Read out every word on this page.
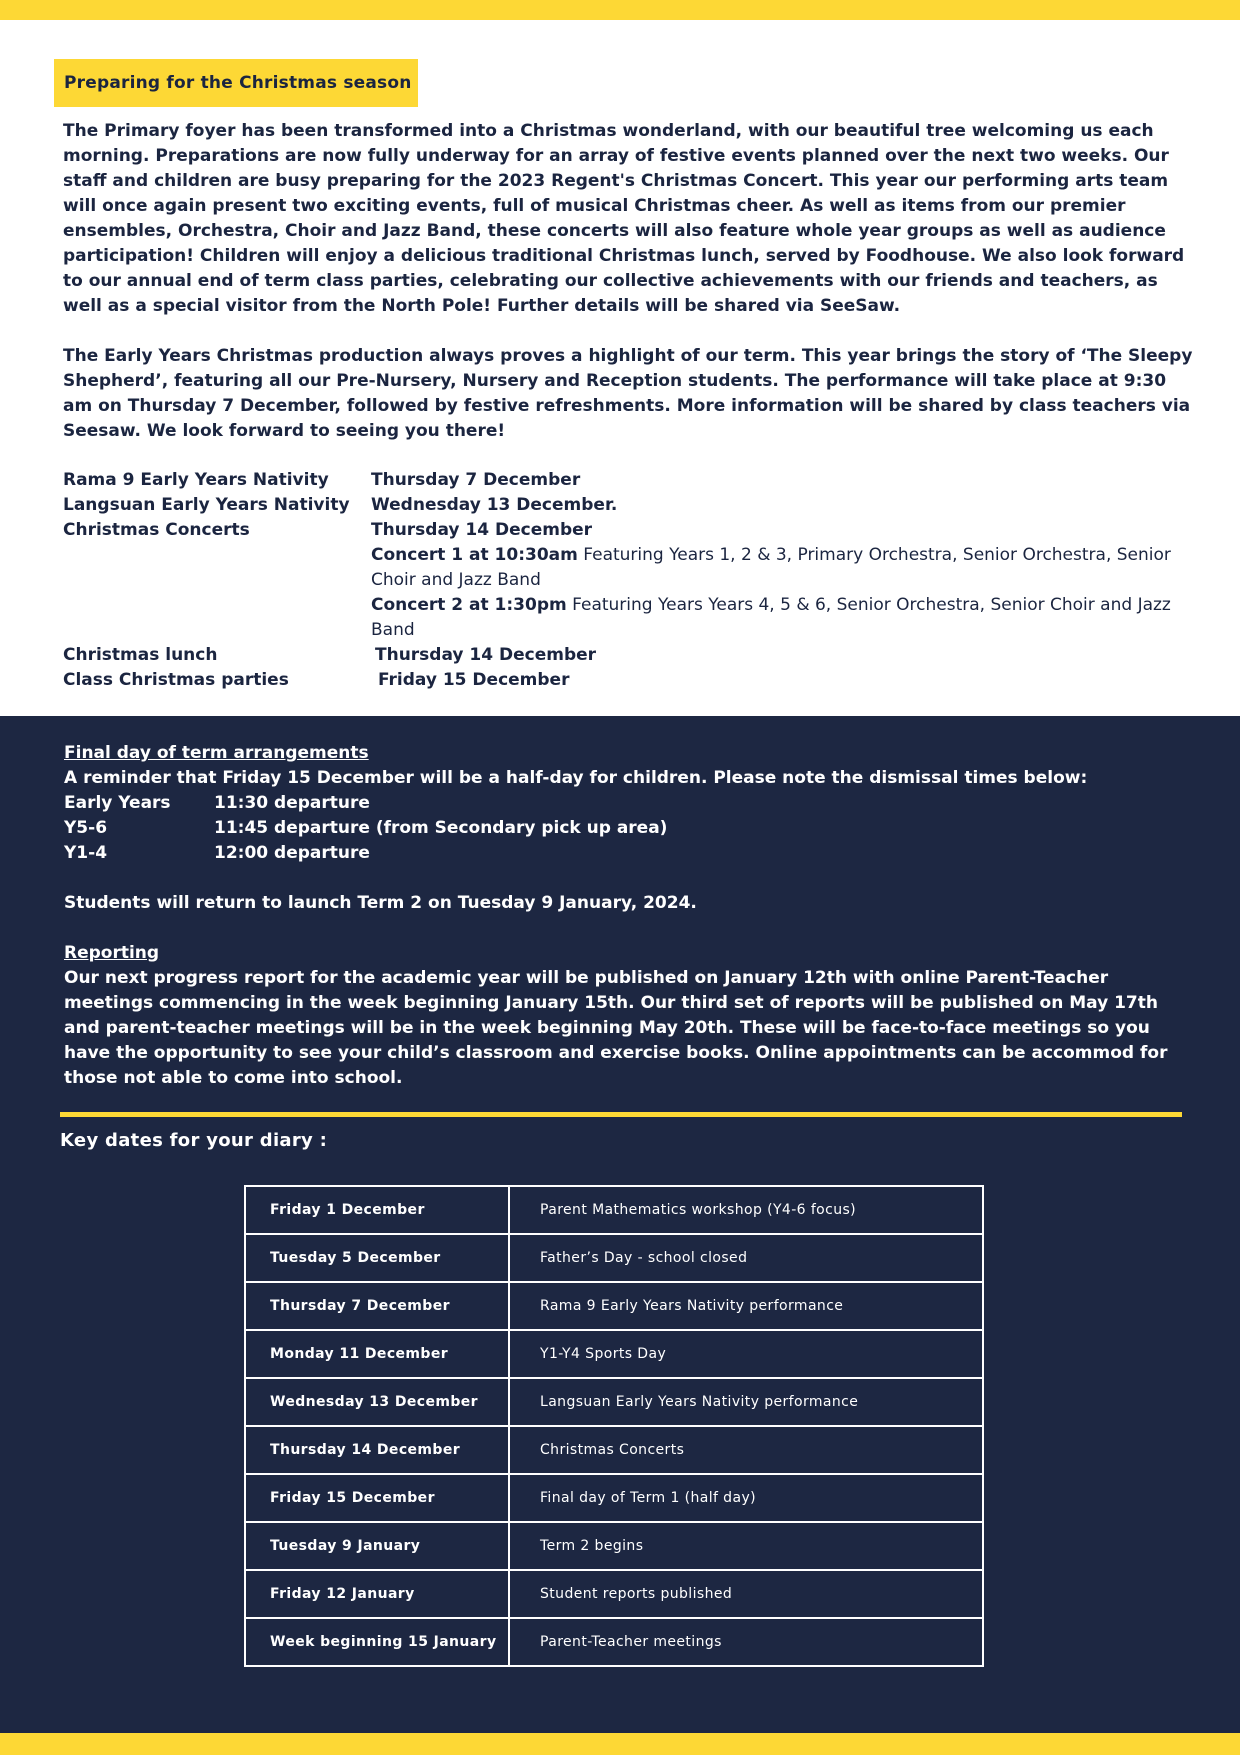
Preparing for the Christmas season

The Primary foyer has been transformed into a Christmas wonderland, with our beautiful tree welcoming us each morning. Preparations are now fully underway for an array of festive events planned over the next two weeks. Our staff and children are busy preparing for the 2023 Regent's Christmas Concert. This year our performing arts team will once again present two exciting events, full of musical Christmas cheer. As well as items from our premier ensembles, Orchestra, Choir and Jazz Band, these concerts will also feature whole year groups as well as audience participation! Children will enjoy a delicious traditional Christmas lunch, served by Foodhouse. We also look forward to our annual end of term class parties, celebrating our collective achievements with our friends and teachers, as well as a special visitor from the North Pole! Further details will be shared via SeeSaw.

The Early Years Christmas production always proves a highlight of our term. This year brings the story of ‘The Sleepy Shepherd’, featuring all our Pre-Nursery, Nursery and Reception students. The performance will take place at 9:30 am on Thursday 7 December, followed by festive refreshments. More information will be shared by class teachers via Seesaw. We look forward to seeing you there!

Rama 9 Early Years Nativity Thursday 7 December
Langsuan Early Years Nativity Wednesday 13 December.
Christmas Concerts	Thursday 14 December
Concert 1 at 10:30am Featuring Years 1, 2 & 3, Primary Orchestra, Senior Orchestra, Senior Choir and Jazz Band
Concert 2 at 1:30pm Featuring Years Years 4, 5 & 6, Senior Orchestra, Senior Choir and Jazz Band
Christmas lunch	Thursday 14 December
Class Christmas parties	Friday 15 December

Final day of term arrangements

A reminder that Friday 15 December will be a half-day for children. Please note the dismissal times below:

Early Years	11:30 departure
Y5-6	11:45 departure (from Secondary pick up area)
Y1-4	12:00 departure

Students will return to launch Term 2 on Tuesday 9 January, 2024.

Reporting

Our next progress report for the academic year will be published on January 12th with online Parent-Teacher meetings commencing in the week beginning January 15th. Our third set of reports will be published on May 17th and parent-teacher meetings will be in the week beginning May 20th. These will be face-to-face meetings so you have the opportunity to see your child’s classroom and exercise books. Online appointments can be accommod for those not able to come into school.

Key dates for your diary :
Friday 1 December	Parent Mathematics workshop (Y4-6 focus)
Tuesday 5 December	Father’s Day - school closed
Thursday 7 December	Rama 9 Early Years Nativity performance
Monday 11 December	Y1-Y4 Sports Day
Wednesday 13 December	Langsuan Early Years Nativity performance
Thursday 14 December	Christmas Concerts
Friday 15 December	Final day of Term 1 (half day)
Tuesday 9 January	Term 2 begins
Friday 12 January	Student reports published
Week beginning 15 January	Parent-Teacher meetings
